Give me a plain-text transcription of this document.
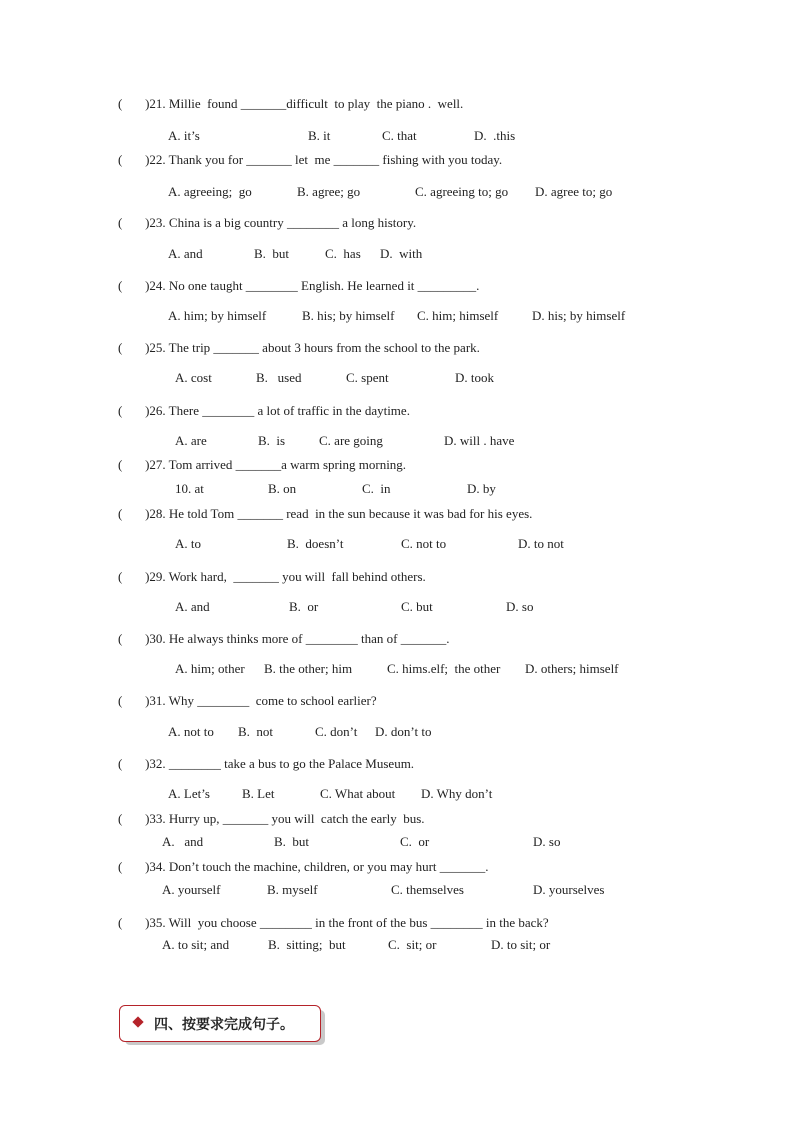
(       )21. Millie  found _______difficult  to play  the piano .  well.
A. it’s	B. it	C. that	D.  .this
(       )22. Thank you for _______ let  me _______ fishing with you today.
A. agreeing;  go	B. agree; go	C. agreeing to; go D. agree to; go
(       )23. China is a big country ________ a long history.
A. and	B.  but	C.  has D.  with
(       )24. No one taught ________ English. He learned it _________.
A. him; by himself	B. his; by himself C. him; himself	D. his; by himself
(       )25. The trip _______ about 3 hours from the school to the park.
A. cost	B.   used	C. spent	D. took
(       )26. There ________ a lot of traffic in the daytime.
A. are	B.  is	C. are going	D. will . have
(       )27. Tom arrived _______a warm spring morning.
10. at	B. on	C.  in	D. by
(       )28. He told Tom _______ read  in the sun because it was bad for his eyes.
A. to	B.  doesn’t	C. not to	D. to not
(       )29. Work hard,  _______ you will  fall behind others.
A. and	B.  or	C. but	D. so
(       )30. He always thinks more of ________ than of _______.
A. him; other B. the other; him	C. hims.elf;  the other D. others; himself
(       )31. Why ________  come to school earlier?
A. not to B.  not	C. don’t D. don’t to
(       )32. ________ take a bus to go the Palace Museum.
A. Let’s B. Let	C. What about D. Why don’t
(       )33. Hurry up, _______ you will  catch the early  bus.
A.   and	B.  but	C.  or	D. so
(       )34. Don’t touch the machine, children, or you may hurt _______.
A. yourself	B. myself	C. themselves	D. yourselves
(       )35. Will  you choose ________ in the front of the bus ________ in the back?
A. to sit; and	B.  sitting;  but	C.  sit; or	D. to sit; or
四、按要求完成句子。
